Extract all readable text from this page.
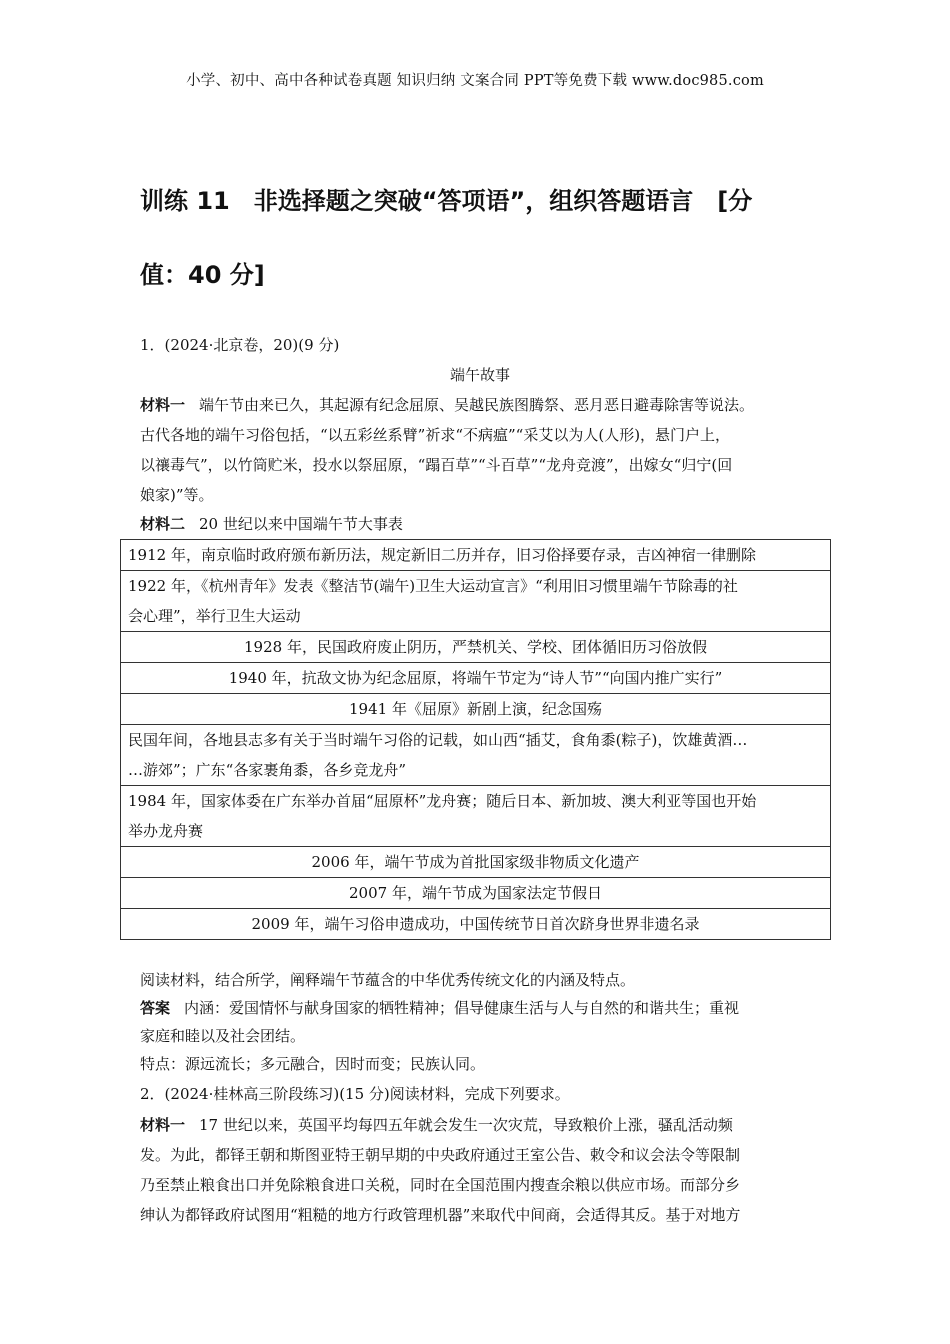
小学、初中、高中各种试卷真题 知识归纳 文案合同 PPT等免费下载 www.doc985.com
训练 11　非选择题之突破“答项语”，组织答题语言　[分
值：40 分]
1．(2024·北京卷，20)(9 分)
端午故事
材料一 端午节由来已久，其起源有纪念屈原、吴越民族图腾祭、恶月恶日避毒除害等说法。
古代各地的端午习俗包括，“以五彩丝系臂”祈求“不病瘟”“采艾以为人(人形)，悬门户上，
以禳毒气”，以竹筒贮米，投水以祭屈原，“蹋百草”“斗百草”“龙舟竞渡”，出嫁女“归宁(回
娘家)”等。
材料二 20 世纪以来中国端午节大事表
1912 年，南京临时政府颁布新历法，规定新旧二历并存，旧习俗择要存录，吉凶神宿一律删除

1922 年，《杭州青年》发表《整洁节(端午)卫生大运动宣言》“利用旧习惯里端午节除毒的社
会心理”，举行卫生大运动

1928 年，民国政府废止阴历，严禁机关、学校、团体循旧历习俗放假
1940 年，抗敌文协为纪念屈原，将端午节定为“诗人节”“向国内推广实行”
1941 年《屈原》新剧上演，纪念国殇

民国年间，各地县志多有关于当时端午习俗的记载，如山西“插艾，食角黍(粽子)，饮雄黄酒…
…游郊”；广东“各家裹角黍，各乡竞龙舟”

1984 年，国家体委在广东举办首届“屈原杯”龙舟赛；随后日本、新加坡、澳大利亚等国也开始
举办龙舟赛

2006 年，端午节成为首批国家级非物质文化遗产
2007 年，端午节成为国家法定节假日
2009 年，端午习俗申遗成功，中国传统节日首次跻身世界非遗名录
阅读材料，结合所学，阐释端午节蕴含的中华优秀传统文化的内涵及特点。
答案 内涵：爱国情怀与献身国家的牺牲精神；倡导健康生活与人与自然的和谐共生；重视
家庭和睦以及社会团结。
特点：源远流长；多元融合，因时而变；民族认同。
2．(2024·桂林高三阶段练习)(15 分)阅读材料，完成下列要求。
材料一 17 世纪以来，英国平均每四五年就会发生一次灾荒，导致粮价上涨，骚乱活动频
发。为此，都铎王朝和斯图亚特王朝早期的中央政府通过王室公告、敕令和议会法令等限制
乃至禁止粮食出口并免除粮食进口关税，同时在全国范围内搜查余粮以供应市场。而部分乡
绅认为都铎政府试图用“粗糙的地方行政管理机器”来取代中间商，会适得其反。基于对地方
